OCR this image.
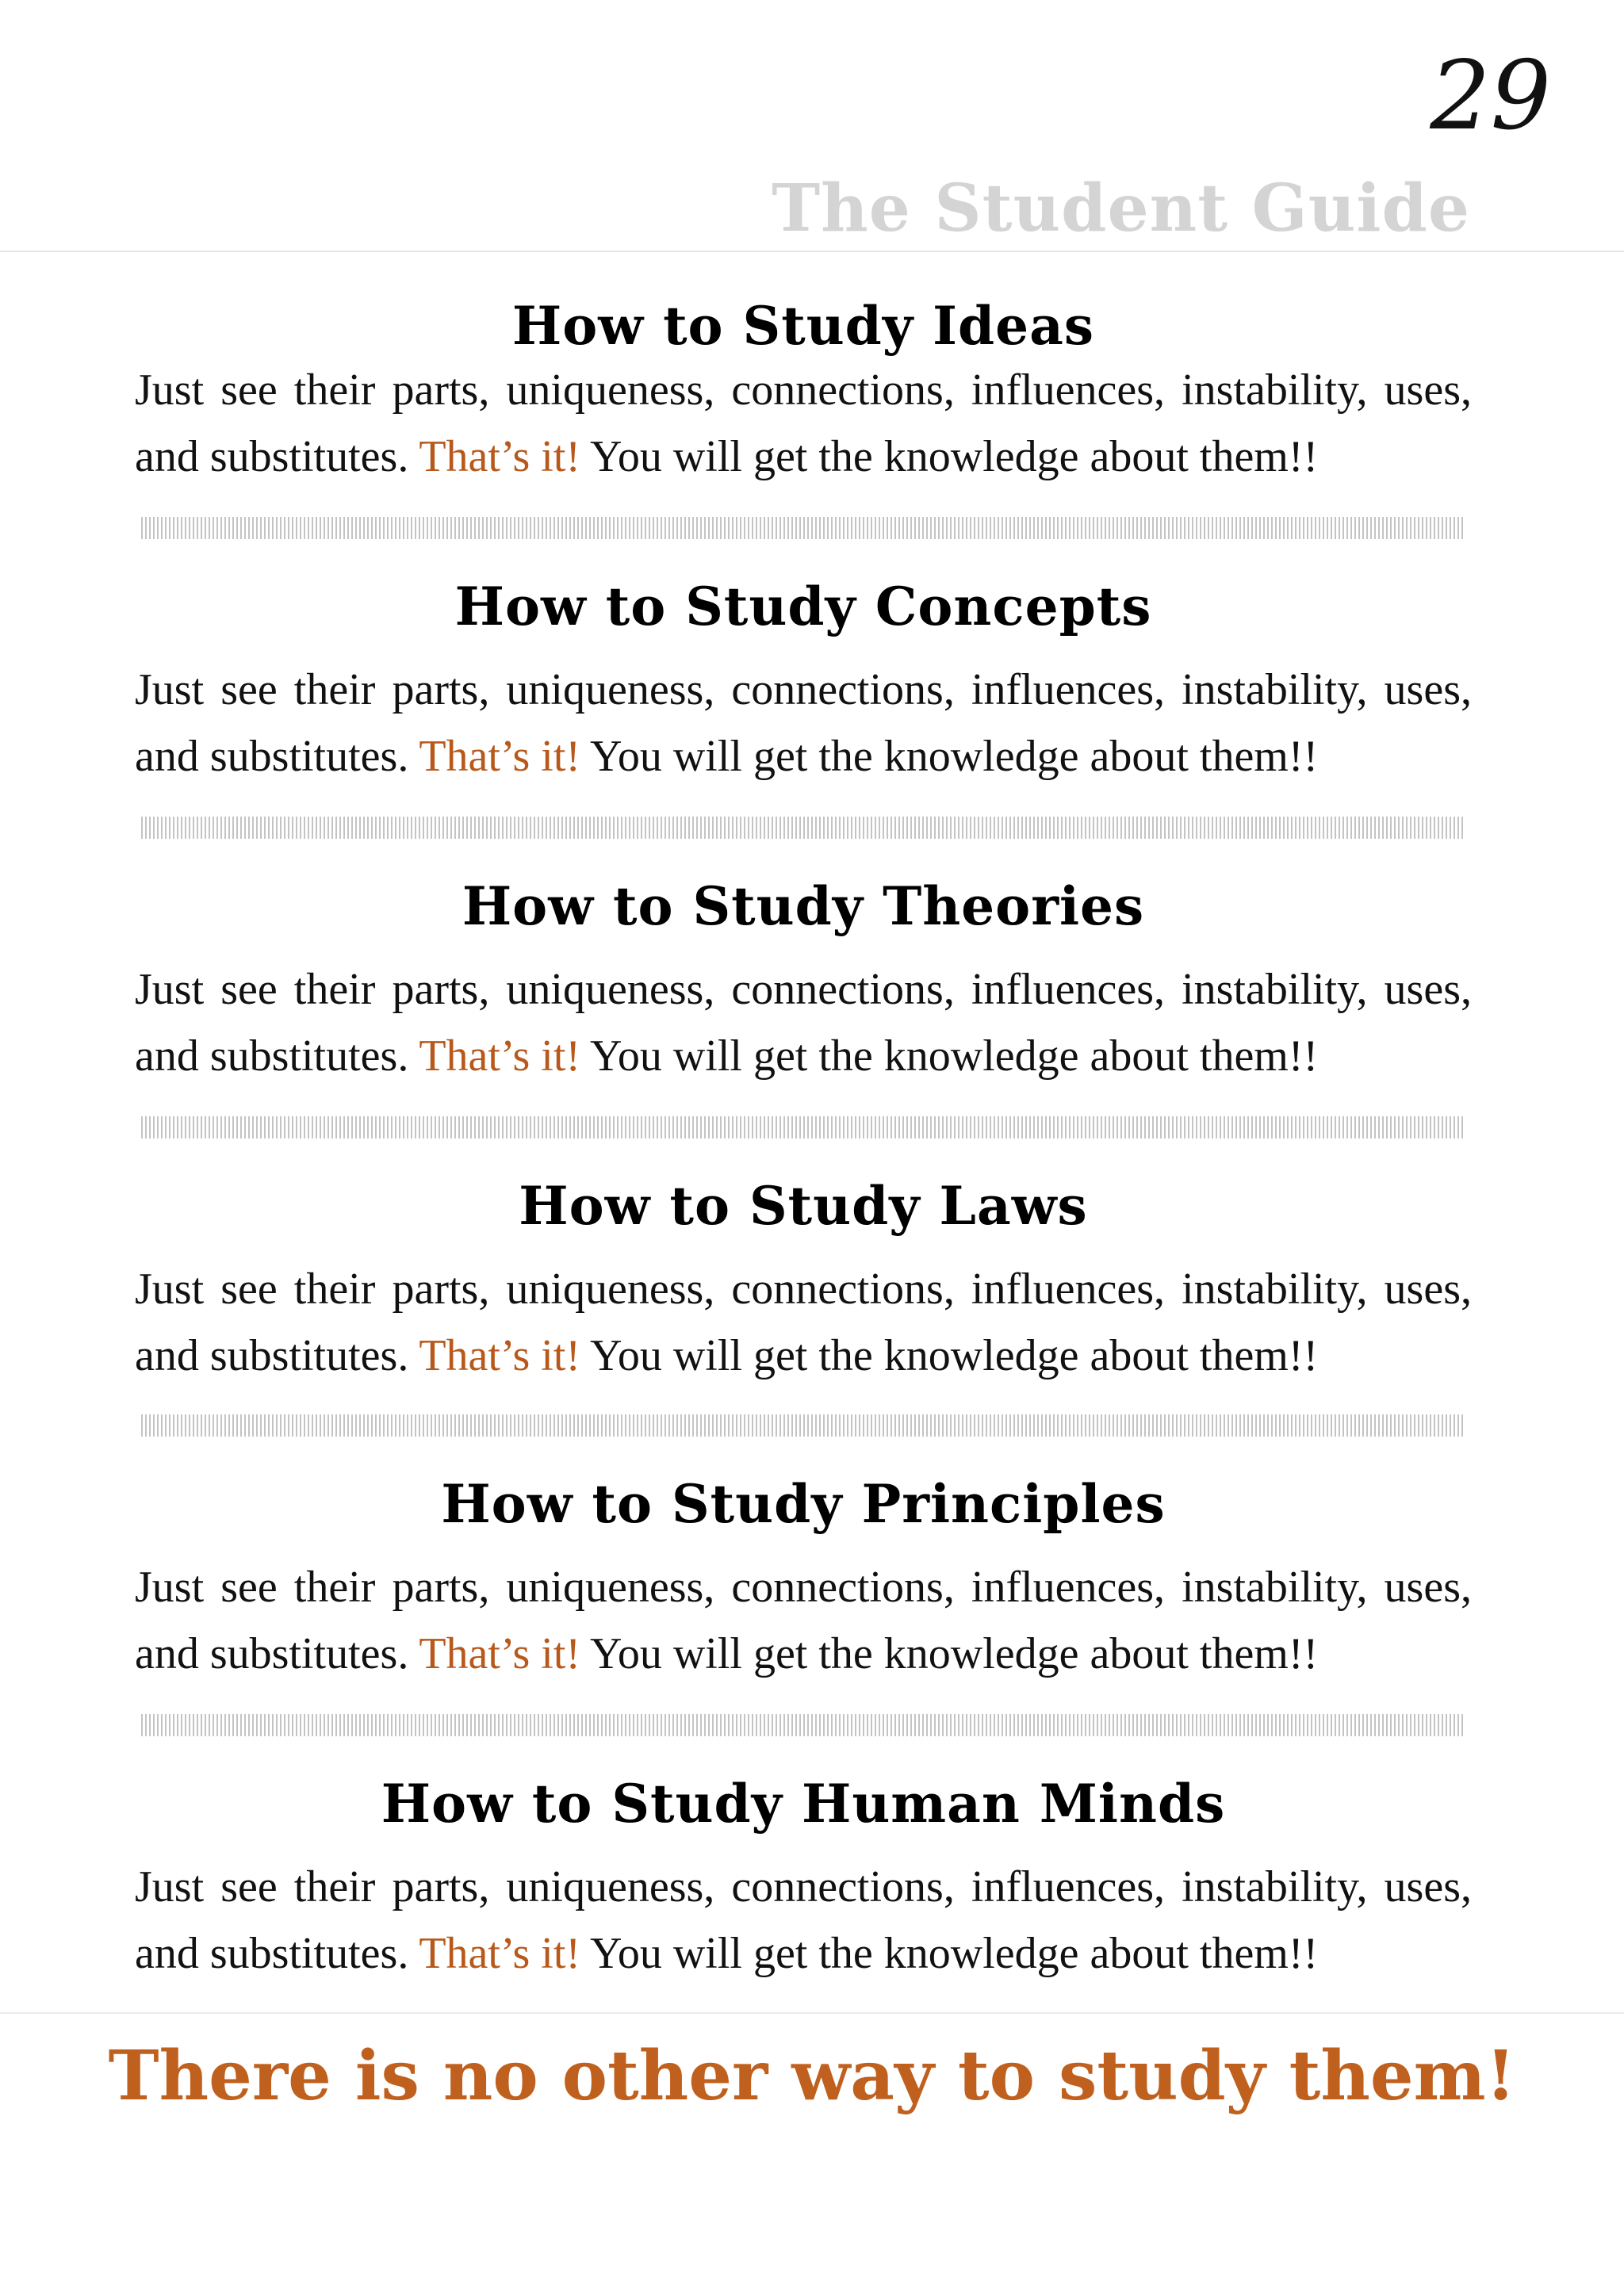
29
The Student Guide
How to Study Ideas

Just see their parts, uniqueness, connections, influences, instability, uses, and substitutes. That’s it! You will get the knowledge about them!!

How to Study Concepts

Just see their parts, uniqueness, connections, influences, instability, uses, and substitutes. That’s it! You will get the knowledge about them!!

How to Study Theories

Just see their parts, uniqueness, connections, influences, instability, uses, and substitutes. That’s it! You will get the knowledge about them!!

How to Study Laws

Just see their parts, uniqueness, connections, influences, instability, uses, and substitutes. That’s it! You will get the knowledge about them!!

How to Study Principles

Just see their parts, uniqueness, connections, influences, instability, uses, and substitutes. That’s it! You will get the knowledge about them!!

How to Study Human Minds

Just see their parts, uniqueness, connections, influences, instability, uses, and substitutes. That’s it! You will get the knowledge about them!!

There is no other way to study them!
